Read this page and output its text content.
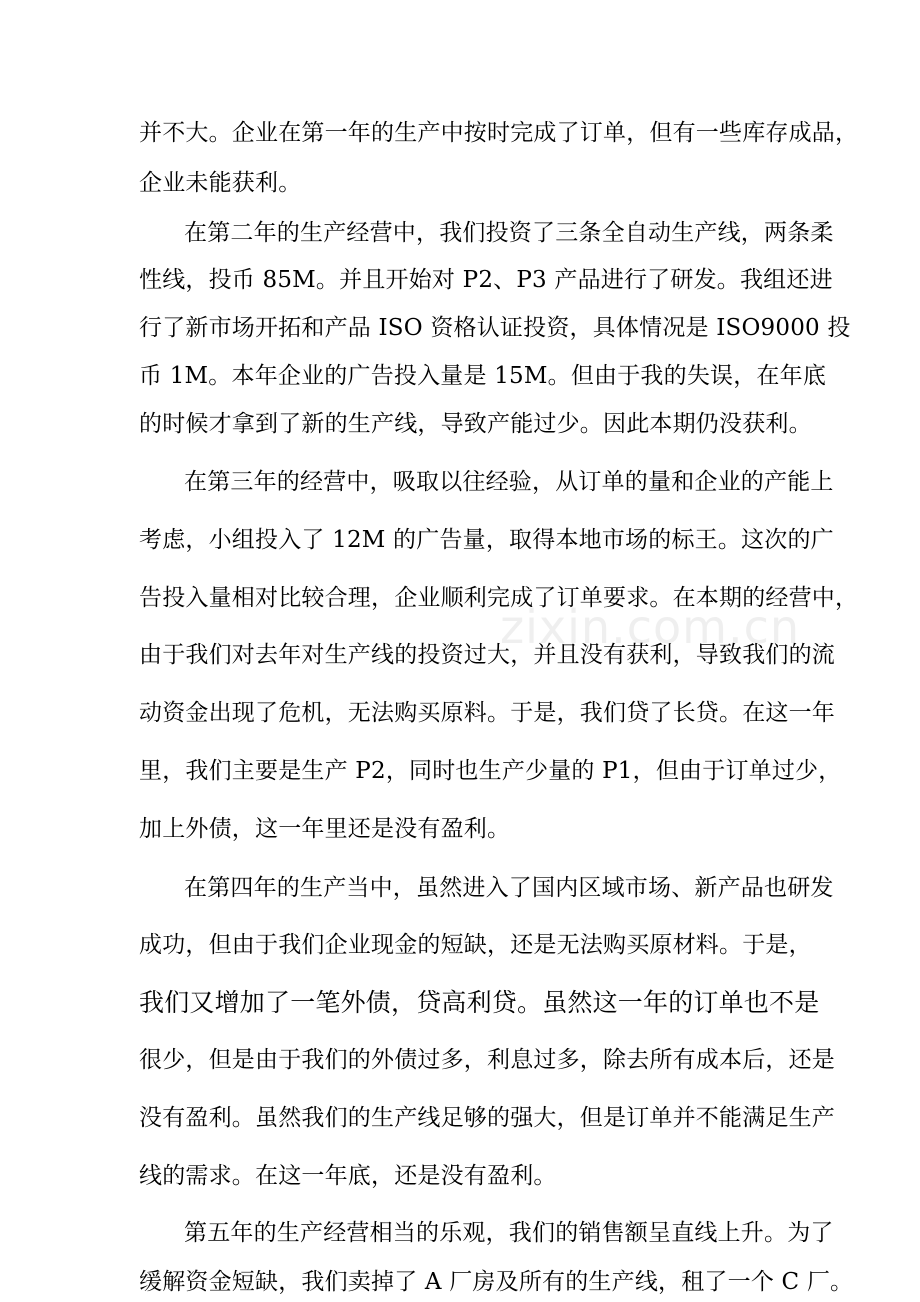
zixin.com.cn
并不大。企业在第一年的生产中按时完成了订单，但有一些库存成品，
企业未能获利。
在第二年的生产经营中，我们投资了三条全自动生产线，两条柔
性线，投币 85M。并且开始对 P2、P3 产品进行了研发。我组还进
行了新市场开拓和产品 ISO 资格认证投资，具体情况是 ISO9000 投
币 1M。本年企业的广告投入量是 15M。但由于我的失误，在年底
的时候才拿到了新的生产线，导致产能过少。因此本期仍没获利。
在第三年的经营中，吸取以往经验，从订单的量和企业的产能上
考虑，小组投入了 12M 的广告量，取得本地市场的标王。这次的广
告投入量相对比较合理，企业顺利完成了订单要求。在本期的经营中，
由于我们对去年对生产线的投资过大，并且没有获利，导致我们的流
动资金出现了危机，无法购买原料。于是，我们贷了长贷。在这一年
里，我们主要是生产 P2，同时也生产少量的 P1，但由于订单过少，
加上外债，这一年里还是没有盈利。
在第四年的生产当中，虽然进入了国内区域市场、新产品也研发
成功，但由于我们企业现金的短缺，还是无法购买原材料。于是，
我们又增加了一笔外债，贷高利贷。虽然这一年的订单也不是
很少，但是由于我们的外债过多，利息过多，除去所有成本后，还是
没有盈利。虽然我们的生产线足够的强大，但是订单并不能满足生产
线的需求。在这一年底，还是没有盈利。
第五年的生产经营相当的乐观，我们的销售额呈直线上升。为了
缓解资金短缺，我们卖掉了 A 厂房及所有的生产线，租了一个 C 厂。
